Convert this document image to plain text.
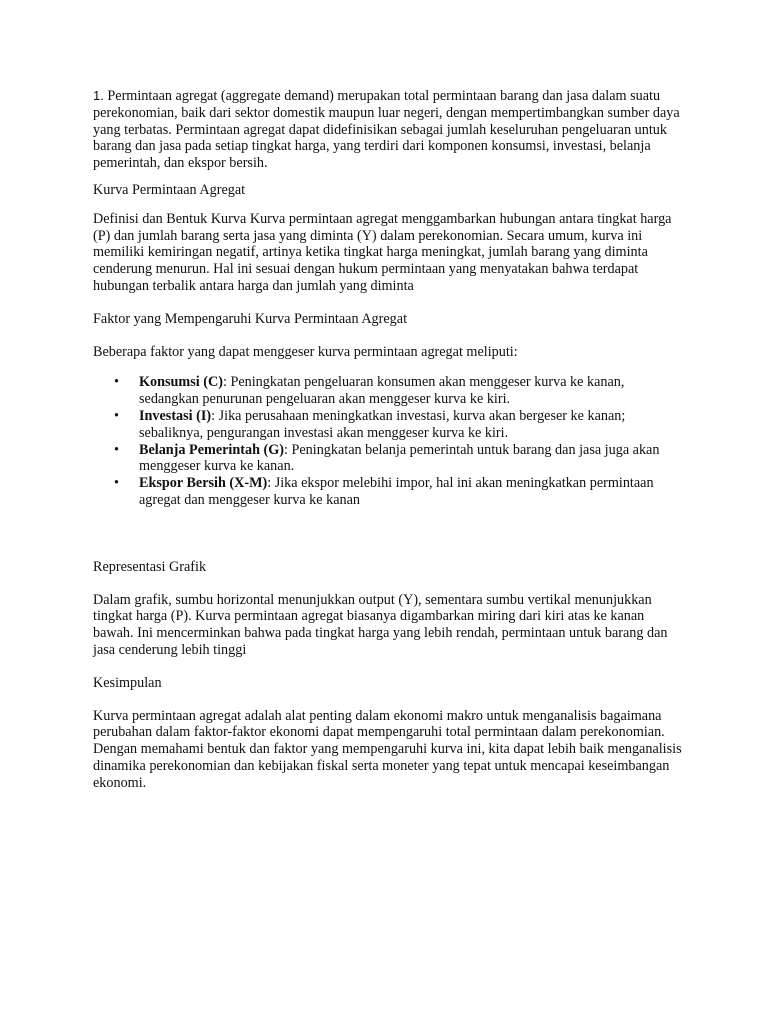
1. Permintaan agregat (aggregate demand) merupakan total permintaan barang dan jasa dalam suatu perekonomian, baik dari sektor domestik maupun luar negeri, dengan mempertimbangkan sumber daya yang terbatas. Permintaan agregat dapat didefinisikan sebagai jumlah keseluruhan pengeluaran untuk barang dan jasa pada setiap tingkat harga, yang terdiri dari komponen konsumsi, investasi, belanja pemerintah, dan ekspor bersih.

Kurva Permintaan Agregat

Definisi dan Bentuk Kurva Kurva permintaan agregat menggambarkan hubungan antara tingkat harga (P) dan jumlah barang serta jasa yang diminta (Y) dalam perekonomian. Secara umum, kurva ini memiliki kemiringan negatif, artinya ketika tingkat harga meningkat, jumlah barang yang diminta cenderung menurun. Hal ini sesuai dengan hukum permintaan yang menyatakan bahwa terdapat hubungan terbalik antara harga dan jumlah yang diminta

Faktor yang Mempengaruhi Kurva Permintaan Agregat

Beberapa faktor yang dapat menggeser kurva permintaan agregat meliputi:

• Konsumsi (C): Peningkatan pengeluaran konsumen akan menggeser kurva ke kanan, sedangkan penurunan pengeluaran akan menggeser kurva ke kiri.
• Investasi (I): Jika perusahaan meningkatkan investasi, kurva akan bergeser ke kanan; sebaliknya, pengurangan investasi akan menggeser kurva ke kiri.
• Belanja Pemerintah (G): Peningkatan belanja pemerintah untuk barang dan jasa juga akan menggeser kurva ke kanan.
• Ekspor Bersih (X-M): Jika ekspor melebihi impor, hal ini akan meningkatkan permintaan agregat dan menggeser kurva ke kanan

Representasi Grafik

Dalam grafik, sumbu horizontal menunjukkan output (Y), sementara sumbu vertikal menunjukkan tingkat harga (P). Kurva permintaan agregat biasanya digambarkan miring dari kiri atas ke kanan bawah. Ini mencerminkan bahwa pada tingkat harga yang lebih rendah, permintaan untuk barang dan jasa cenderung lebih tinggi

Kesimpulan

Kurva permintaan agregat adalah alat penting dalam ekonomi makro untuk menganalisis bagaimana perubahan dalam faktor-faktor ekonomi dapat mempengaruhi total permintaan dalam perekonomian. Dengan memahami bentuk dan faktor yang mempengaruhi kurva ini, kita dapat lebih baik menganalisis dinamika perekonomian dan kebijakan fiskal serta moneter yang tepat untuk mencapai keseimbangan ekonomi.
